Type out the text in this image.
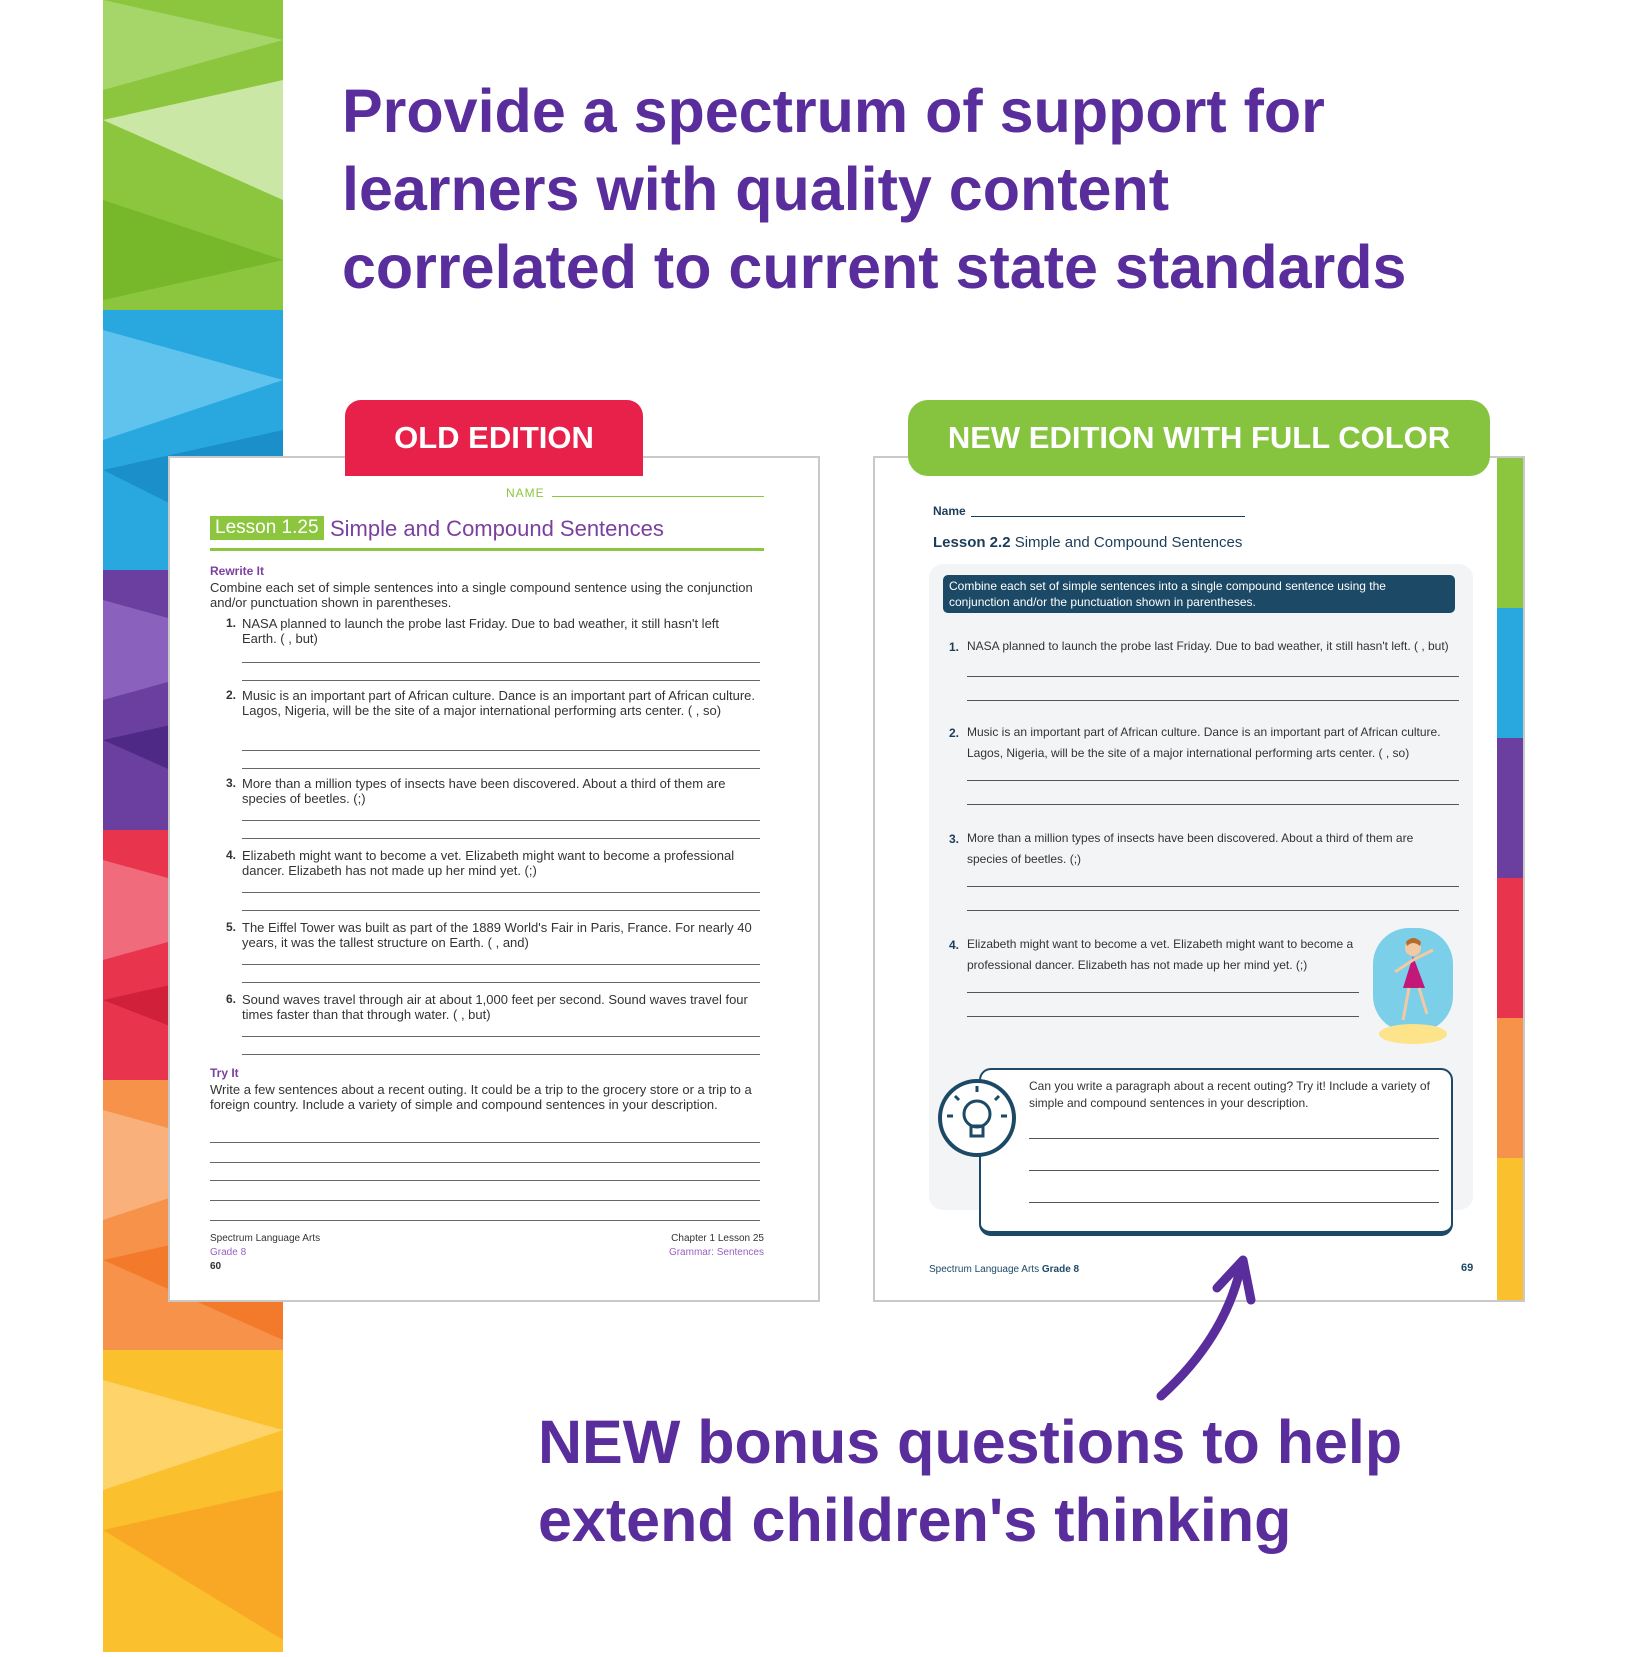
Provide a spectrum of support for
learners with quality content
correlated to current state standards
NAME
Lesson 1.25 Simple and Compound Sentences
Rewrite It
Combine each set of simple sentences into a single compound sentence using the conjunction and/or punctuation shown in parentheses.
1. NASA planned to launch the probe last Friday. Due to bad weather, it still hasn't left Earth. ( , but)
2. Music is an important part of African culture. Dance is an important part of African culture. Lagos, Nigeria, will be the site of a major international performing arts center. ( , so)
3. More than a million types of insects have been discovered. About a third of them are species of beetles. (;)
4. Elizabeth might want to become a vet. Elizabeth might want to become a professional dancer. Elizabeth has not made up her mind yet. (;)
5. The Eiffel Tower was built as part of the 1889 World's Fair in Paris, France. For nearly 40 years, it was the tallest structure on Earth. ( , and)
6. Sound waves travel through air at about 1,000 feet per second. Sound waves travel four times faster than that through water. ( , but)
Try It
Write a few sentences about a recent outing. It could be a trip to the grocery store or a trip to a foreign country. Include a variety of simple and compound sentences in your description.
Spectrum Language Arts
Grade 8
60
Chapter 1 Lesson 25
Grammar: Sentences
OLD EDITION
Name
Lesson 2.2 Simple and Compound Sentences
Combine each set of simple sentences into a single compound sentence using the conjunction and/or the punctuation shown in parentheses.
1. NASA planned to launch the probe last Friday. Due to bad weather, it still hasn't left. ( , but)
2. Music is an important part of African culture. Dance is an important part of African culture. Lagos, Nigeria, will be the site of a major international performing arts center. ( , so)
3. More than a million types of insects have been discovered. About a third of them are species of beetles. (;)
4. Elizabeth might want to become a vet. Elizabeth might want to become a professional dancer. Elizabeth has not made up her mind yet. (;)
Can you write a paragraph about a recent outing? Try it! Include a variety of simple and compound sentences in your description.
Spectrum Language Arts Grade 8	69
NEW EDITION WITH FULL COLOR
NEW bonus questions to help
extend children's thinking
